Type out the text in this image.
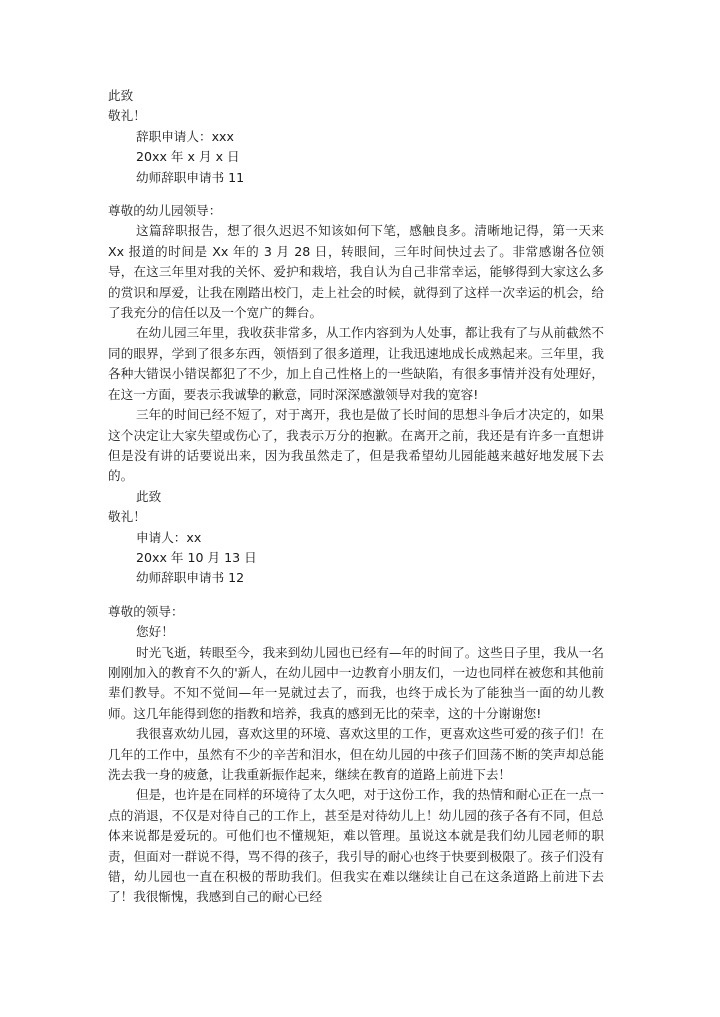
此致
敬礼！
辞职申请人：xxx
20xx 年 x 月 x 日
幼师辞职申请书 11
尊敬的幼儿园领导：

这篇辞职报告，想了很久迟迟不知该如何下笔，感触良多。清晰地记得，第一天来 Xx 报道的时间是 Xx 年的 3 月 28 日，转眼间，三年时间快过去了。非常感谢各位领导，在这三年里对我的关怀、爱护和栽培，我自认为自己非常幸运，能够得到大家这么多的赏识和厚爱，让我在刚踏出校门，走上社会的时候，就得到了这样一次幸运的机会，给了我充分的信任以及一个宽广的舞台。

在幼儿园三年里，我收获非常多，从工作内容到为人处事，都让我有了与从前截然不同的眼界，学到了很多东西，领悟到了很多道理，让我迅速地成长成熟起来。三年里，我各种大错误小错误都犯了不少，加上自己性格上的一些缺陷，有很多事情并没有处理好，在这一方面，要表示我诚挚的歉意，同时深深感激领导对我的宽容!

三年的时间已经不短了，对于离开，我也是做了长时间的思想斗争后才决定的，如果这个决定让大家失望或伤心了，我表示万分的抱歉。在离开之前，我还是有许多一直想讲但是没有讲的话要说出来，因为我虽然走了，但是我希望幼儿园能越来越好地发展下去的。

此致
敬礼！
申请人：xx
20xx 年 10 月 13 日
幼师辞职申请书 12
尊敬的领导：
您好！

时光飞逝，转眼至今，我来到幼儿园也已经有—年的时间了。这些日子里，我从一名刚刚加入的教育不久的'新人，在幼儿园中一边教育小朋友们，一边也同样在被您和其他前辈们教导。不知不觉间—年一晃就过去了，而我，也终于成长为了能独当一面的幼儿教师。这几年能得到您的指教和培养，我真的感到无比的荣幸，这的十分谢谢您!

我很喜欢幼儿园，喜欢这里的环境、喜欢这里的工作，更喜欢这些可爱的孩子们！在几年的工作中，虽然有不少的辛苦和泪水，但在幼儿园的中孩子们回荡不断的笑声却总能洗去我一身的疲惫，让我重新振作起来，继续在教育的道路上前进下去！

但是，也许是在同样的环境待了太久吧，对于这份工作，我的热情和耐心正在一点一点的消退，不仅是对待自己的工作上，甚至是对待幼儿上！幼儿园的孩子各有不同，但总体来说都是爱玩的。可他们也不懂规矩，难以管理。虽说这本就是我们幼儿园老师的职责，但面对一群说不得，骂不得的孩子，我引导的耐心也终于快要到极限了。孩子们没有错，幼儿园也一直在积极的帮助我们。但我实在难以继续让自己在这条道路上前进下去了！我很惭愧，我感到自己的耐心已经
